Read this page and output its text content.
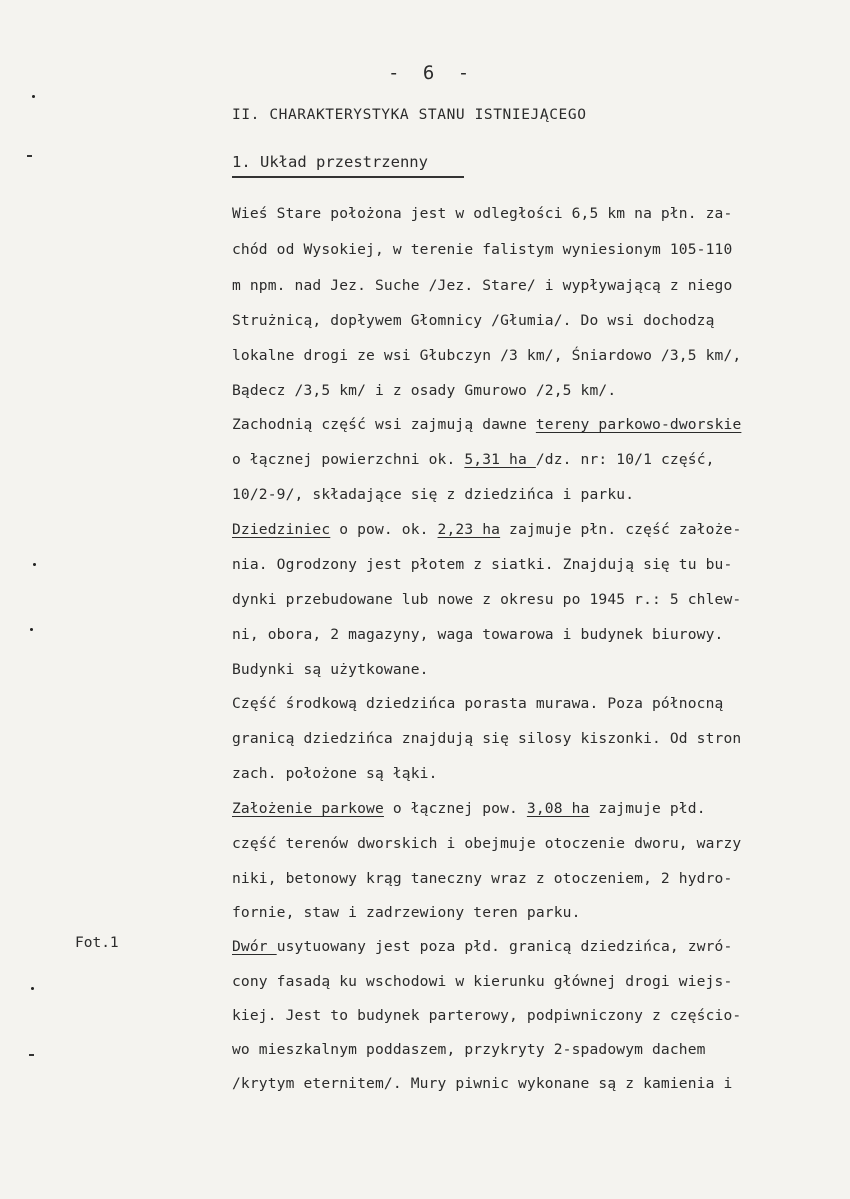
- 6 -
II. CHARAKTERYSTYKA STANU ISTNIEJĄCEGO
1. Układ przestrzenny
Fot.1
Wieś Stare położona jest w odległości 6,5 km na płn. za-
chód od Wysokiej, w terenie falistym wyniesionym 105-110
m npm. nad Jez. Suche /Jez. Stare/ i wypływającą z niego
Strużnicą, dopływem Głomnicy /Głumia/. Do wsi dochodzą
lokalne drogi ze wsi Głubczyn /3 km/, Śniardowo /3,5 km/,
Bądecz /3,5 km/ i z osady Gmurowo /2,5 km/.
Zachodnią część wsi zajmują dawne tereny parkowo-dworskie
o łącznej powierzchni ok. 5,31 ha /dz. nr: 10/1 część,
10/2-9/, składające się z dziedzińca i parku.
Dziedziniec o pow. ok. 2,23 ha zajmuje płn. część założe-
nia. Ogrodzony jest płotem z siatki. Znajdują się tu bu-
dynki przebudowane lub nowe z okresu po 1945 r.: 5 chlew-
ni, obora, 2 magazyny, waga towarowa i budynek biurowy.
Budynki są użytkowane.
Część środkową dziedzińca porasta murawa. Poza północną
granicą dziedzińca znajdują się silosy kiszonki. Od stron
zach. położone są łąki.
Założenie parkowe o łącznej pow. 3,08 ha zajmuje płd.
część terenów dworskich i obejmuje otoczenie dworu, warzy
niki, betonowy krąg taneczny wraz z otoczeniem, 2 hydro-
fornie, staw i zadrzewiony teren parku.
Dwór usytuowany jest poza płd. granicą dziedzińca, zwró-
cony fasadą ku wschodowi w kierunku głównej drogi wiejs-
kiej. Jest to budynek parterowy, podpiwniczony z częścio-
wo mieszkalnym poddaszem, przykryty 2-spadowym dachem
/krytym eternitem/. Mury piwnic wykonane są z kamienia i
